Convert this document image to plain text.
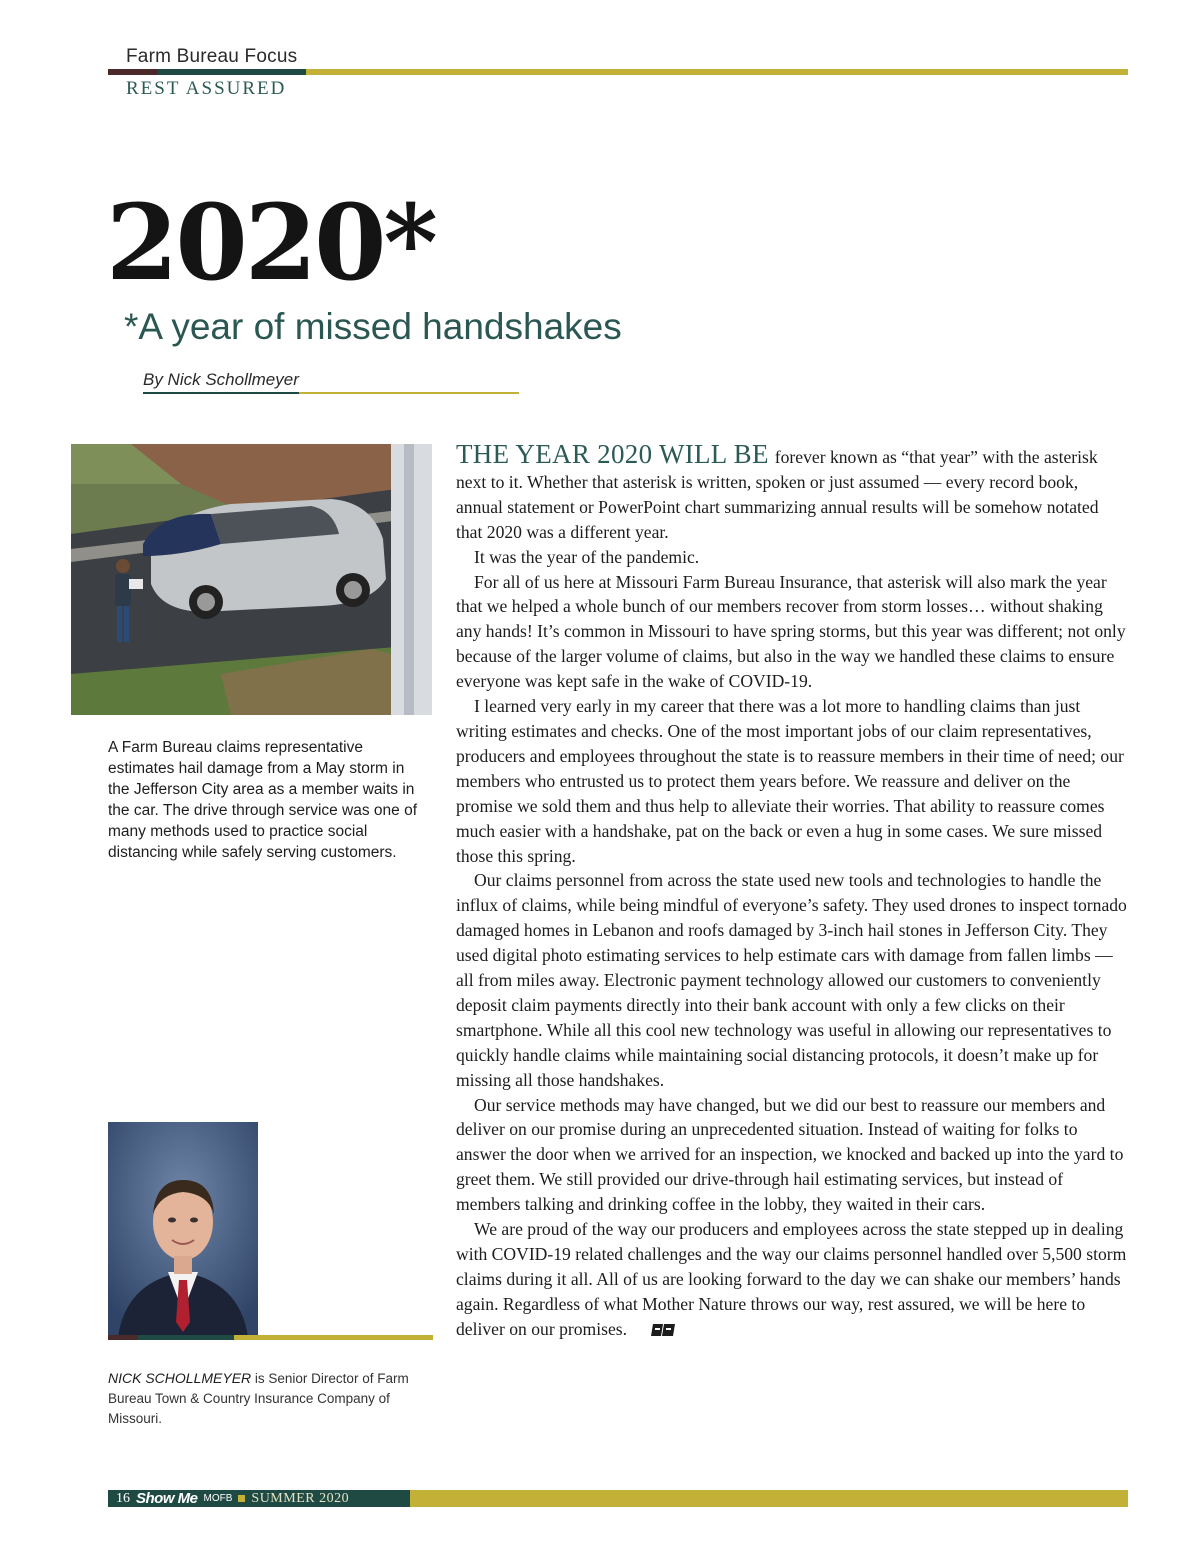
Farm Bureau Focus
REST ASSURED
2020*
*A year of missed handshakes
By Nick Schollmeyer
A Farm Bureau claims representative estimates hail damage from a May storm in the Jefferson City area as a member waits in the car. The drive through service was one of many methods used to practice social distancing while safely serving customers.
NICK SCHOLLMEYER is Senior Director of Farm Bureau Town & Country Insurance Company of Missouri.

THE YEAR 2020 WILL BE forever known as “that year” with the asterisk next to it. Whether that asterisk is written, spoken or just assumed — every record book, annual statement or PowerPoint chart summarizing annual results will be somehow notated that 2020 was a different year.

It was the year of the pandemic.

For all of us here at Missouri Farm Bureau Insurance, that asterisk will also mark the year that we helped a whole bunch of our members recover from storm losses… without shaking any hands! It’s common in Missouri to have spring storms, but this year was different; not only because of the larger volume of claims, but also in the way we handled these claims to ensure everyone was kept safe in the wake of COVID-19.

I learned very early in my career that there was a lot more to handling claims than just writing estimates and checks. One of the most important jobs of our claim representatives, producers and employees throughout the state is to reassure members in their time of need; our members who entrusted us to protect them years before. We reassure and deliver on the promise we sold them and thus help to alleviate their worries. That ability to reassure comes much easier with a handshake, pat on the back or even a hug in some cases. We sure missed those this spring.

Our claims personnel from across the state used new tools and technologies to handle the influx of claims, while being mindful of everyone’s safety. They used drones to inspect tornado damaged homes in Lebanon and roofs damaged by 3-inch hail stones in Jefferson City. They used digital photo estimating services to help estimate cars with damage from fallen limbs — all from miles away. Electronic payment technology allowed our customers to conveniently deposit claim payments directly into their bank account with only a few clicks on their smartphone. While all this cool new technology was useful in allowing our representatives to quickly handle claims while maintaining social distancing protocols, it doesn’t make up for missing all those handshakes.

Our service methods may have changed, but we did our best to reassure our members and deliver on our promise during an unprecedented situation. Instead of waiting for folks to answer the door when we arrived for an inspection, we knocked and backed up into the yard to greet them. We still provided our drive-through hail estimating services, but instead of members talking and drinking coffee in the lobby, they waited in their cars.

We are proud of the way our producers and employees across the state stepped up in dealing with COVID-19 related challenges and the way our claims personnel handled over 5,500 storm claims during it all. All of us are looking forward to the day we can shake our members’ hands again. Regardless of what Mother Nature throws our way, rest assured, we will be here to deliver on our promises.

16 Show Me MOFB SUMMER 2020
